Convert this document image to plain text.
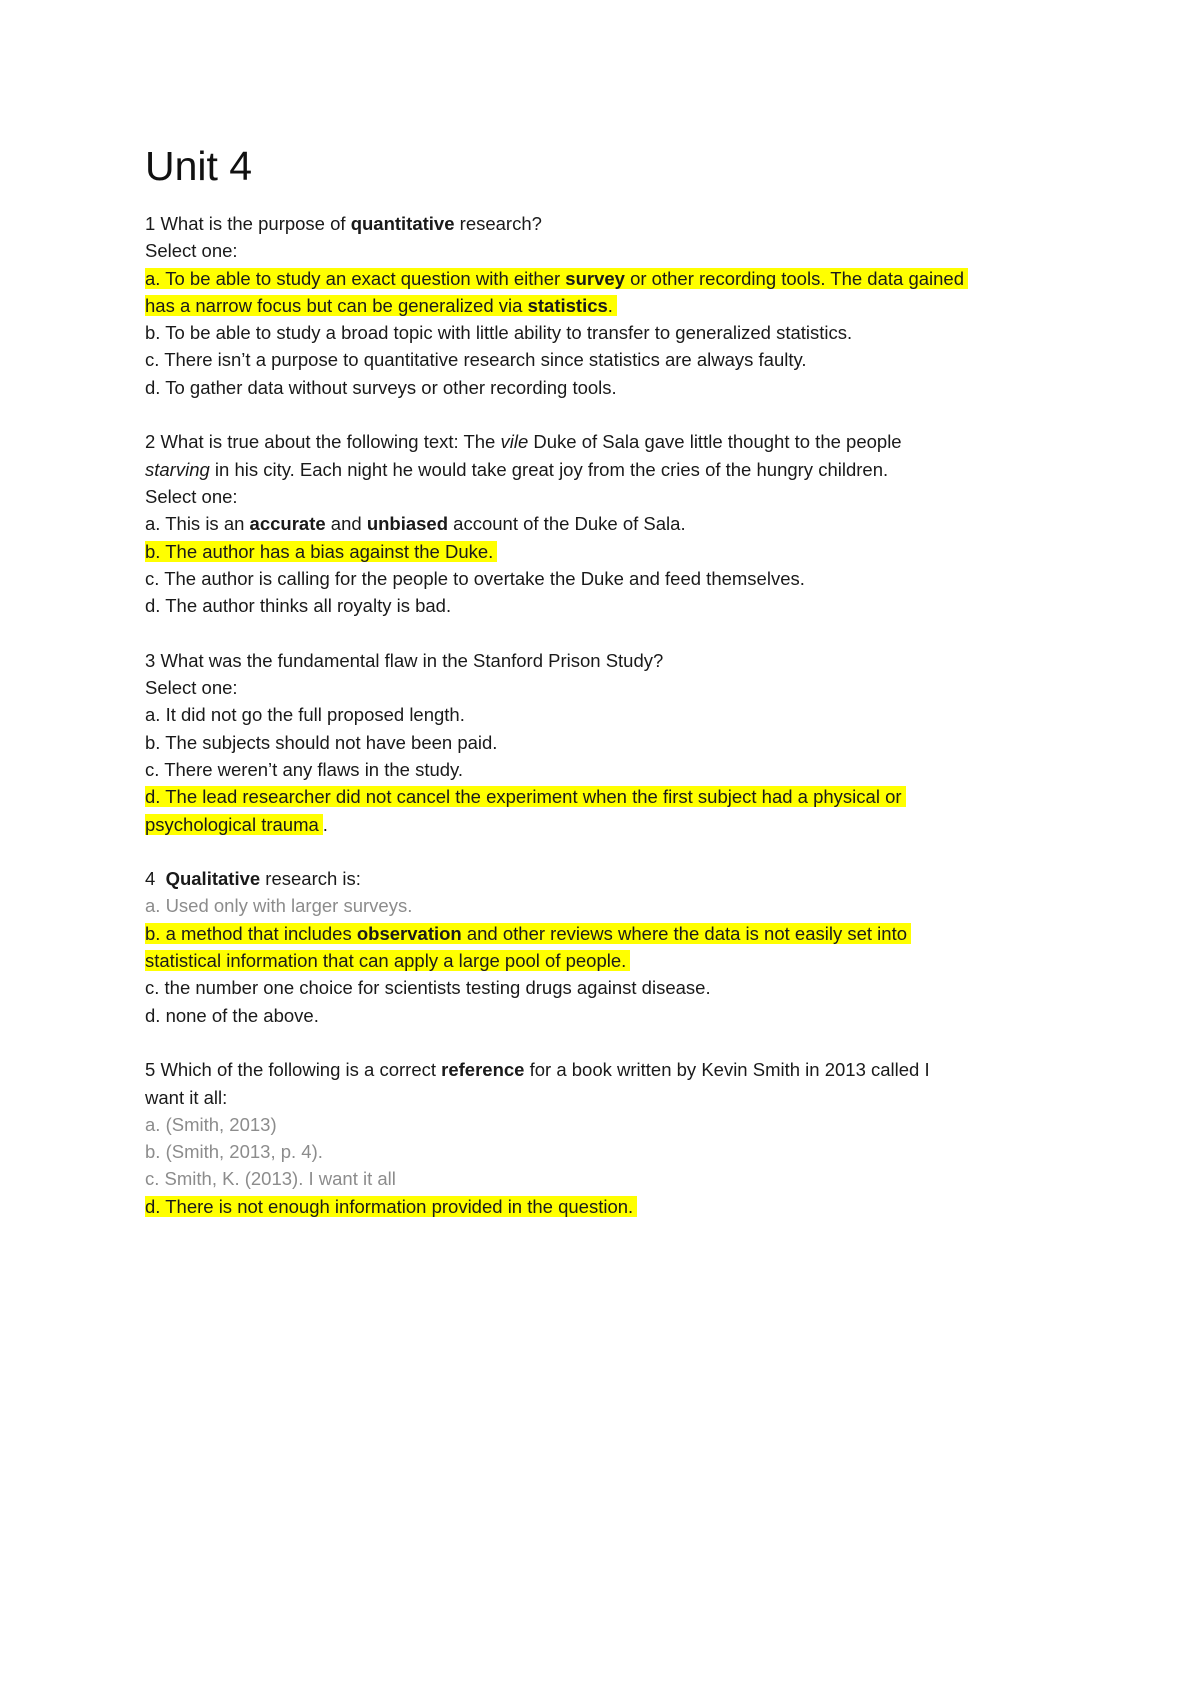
Unit 4
1 What is the purpose of quantitative research?
Select one:
a. To be able to study an exact question with either survey or other recording tools. The data gained
has a narrow focus but can be generalized via statistics.
b. To be able to study a broad topic with little ability to transfer to generalized statistics.
c. There isn’t a purpose to quantitative research since statistics are always faulty.
d. To gather data without surveys or other recording tools.
2 What is true about the following text: The vile Duke of Sala gave little thought to the people
starving in his city. Each night he would take great joy from the cries of the hungry children.
Select one:
a. This is an accurate and unbiased account of the Duke of Sala.
b. The author has a bias against the Duke.
c. The author is calling for the people to overtake the Duke and feed themselves.
d. The author thinks all royalty is bad.
3 What was the fundamental flaw in the Stanford Prison Study?
Select one:
a. It did not go the full proposed length.
b. The subjects should not have been paid.
c. There weren’t any flaws in the study.
d. The lead researcher did not cancel the experiment when the first subject had a physical or
psychological trauma .
4 Qualitative research is:
a. Used only with larger surveys.
b. a method that includes observation and other reviews where the data is not easily set into
statistical information that can apply a large pool of people.
c. the number one choice for scientists testing drugs against disease.
d. none of the above.
5 Which of the following is a correct reference for a book written by Kevin Smith in 2013 called I
want it all:
a. (Smith, 2013)
b. (Smith, 2013, p. 4).
c. Smith, K. (2013). I want it all
d. There is not enough information provided in the question.
